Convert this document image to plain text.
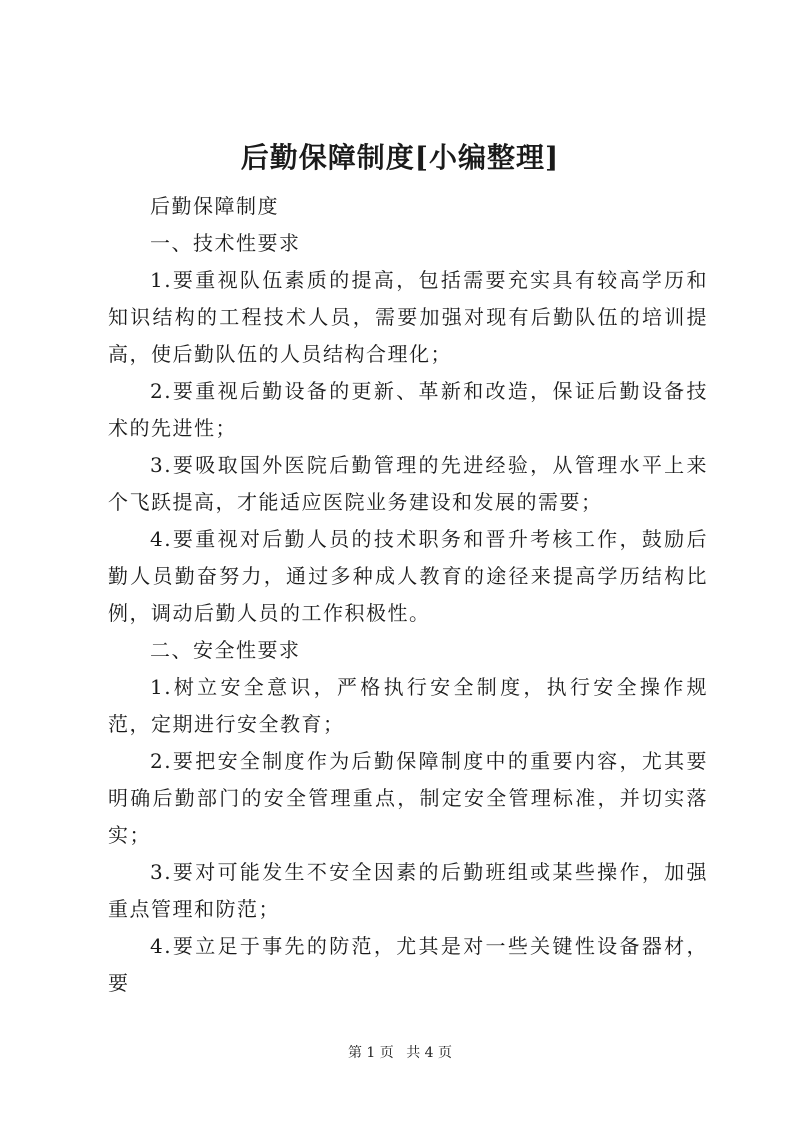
后勤保障制度[小编整理]

后勤保障制度

一、技术性要求

1.要重视队伍素质的提高，包括需要充实具有较高学历和知识结构的工程技术人员，需要加强对现有后勤队伍的培训提高，使后勤队伍的人员结构合理化；

2.要重视后勤设备的更新、革新和改造，保证后勤设备技术的先进性；

3.要吸取国外医院后勤管理的先进经验，从管理水平上来个飞跃提高，才能适应医院业务建设和发展的需要；

4.要重视对后勤人员的技术职务和晋升考核工作，鼓励后勤人员勤奋努力，通过多种成人教育的途径来提高学历结构比例，调动后勤人员的工作积极性。

二、安全性要求

1.树立安全意识，严格执行安全制度，执行安全操作规范，定期进行安全教育；

2.要把安全制度作为后勤保障制度中的重要内容，尤其要明确后勤部门的安全管理重点，制定安全管理标准，并切实落实；

3.要对可能发生不安全因素的后勤班组或某些操作，加强重点管理和防范；

4.要立足于事先的防范，尤其是对一些关键性设备器材，要

第 1 页 共 4 页
